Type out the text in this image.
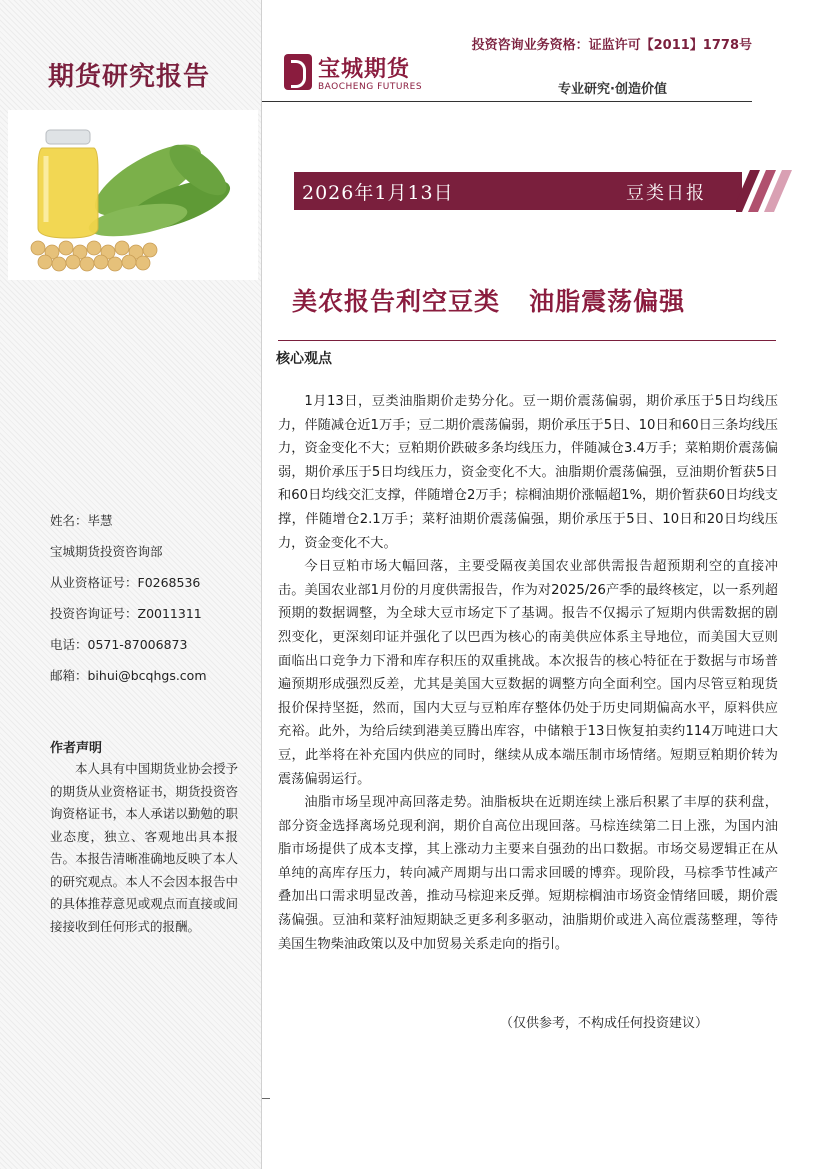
期货研究报告	宝城期货
BAOCHENG FUTURES
投资咨询业务资格：证监许可【2011】1778号
专业研究·创造价值
2026年1月13日	豆类日报
美农报告利空豆类   油脂震荡偏强
核心观点

1月13日，豆类油脂期价走势分化。豆一期价震荡偏弱，期价承压于5日均线压力，伴随减仓近1万手；豆二期价震荡偏弱，期价承压于5日、10日和60日三条均线压力，资金变化不大；豆粕期价跌破多条均线压力，伴随减仓3.4万手；菜粕期价震荡偏弱，期价承压于5日均线压力，资金变化不大。油脂期价震荡偏强，豆油期价暂获5日和60日均线交汇支撑，伴随增仓2万手；棕榈油期价涨幅超1%，期价暂获60日均线支撑，伴随增仓2.1万手；菜籽油期价震荡偏强，期价承压于5日、10日和20日均线压力，资金变化不大。

今日豆粕市场大幅回落，主要受隔夜美国农业部供需报告超预期利空的直接冲击。美国农业部1月份的月度供需报告，作为对2025/26产季的最终核定，以一系列超预期的数据调整，为全球大豆市场定下了基调。报告不仅揭示了短期内供需数据的剧烈变化，更深刻印证并强化了以巴西为核心的南美供应体系主导地位，而美国大豆则面临出口竞争力下滑和库存积压的双重挑战。本次报告的核心特征在于数据与市场普遍预期形成强烈反差，尤其是美国大豆数据的调整方向全面利空。国内尽管豆粕现货报价保持坚挺，然而，国内大豆与豆粕库存整体仍处于历史同期偏高水平，原料供应充裕。此外，为给后续到港美豆腾出库容，中储粮于13日恢复拍卖约114万吨进口大豆，此举将在补充国内供应的同时，继续从成本端压制市场情绪。短期豆粕期价转为震荡偏弱运行。

油脂市场呈现冲高回落走势。油脂板块在近期连续上涨后积累了丰厚的获利盘，部分资金选择离场兑现利润，期价自高位出现回落。马棕连续第二日上涨，为国内油脂市场提供了成本支撑，其上涨动力主要来自强劲的出口数据。市场交易逻辑正在从单纯的高库存压力，转向减产周期与出口需求回暖的博弈。现阶段，马棕季节性减产叠加出口需求明显改善，推动马棕迎来反弹。短期棕榈油市场资金情绪回暖，期价震荡偏强。豆油和菜籽油短期缺乏更多利多驱动，油脂期价或进入高位震荡整理，等待美国生物柴油政策以及中加贸易关系走向的指引。

（仅供参考，不构成任何投资建议）
姓名：毕慧
宝城期货投资咨询部
从业资格证号：F0268536
投资咨询证号：Z0011311
电话：0571-87006873
邮箱：bihui@bcqhgs.com
作者声明

本人具有中国期货业协会授予的期货从业资格证书，期货投资咨询资格证书，本人承诺以勤勉的职业态度，独立、客观地出具本报告。本报告清晰准确地反映了本人的研究观点。本人不会因本报告中的具体推荐意见或观点而直接或间接接收到任何形式的报酬。
